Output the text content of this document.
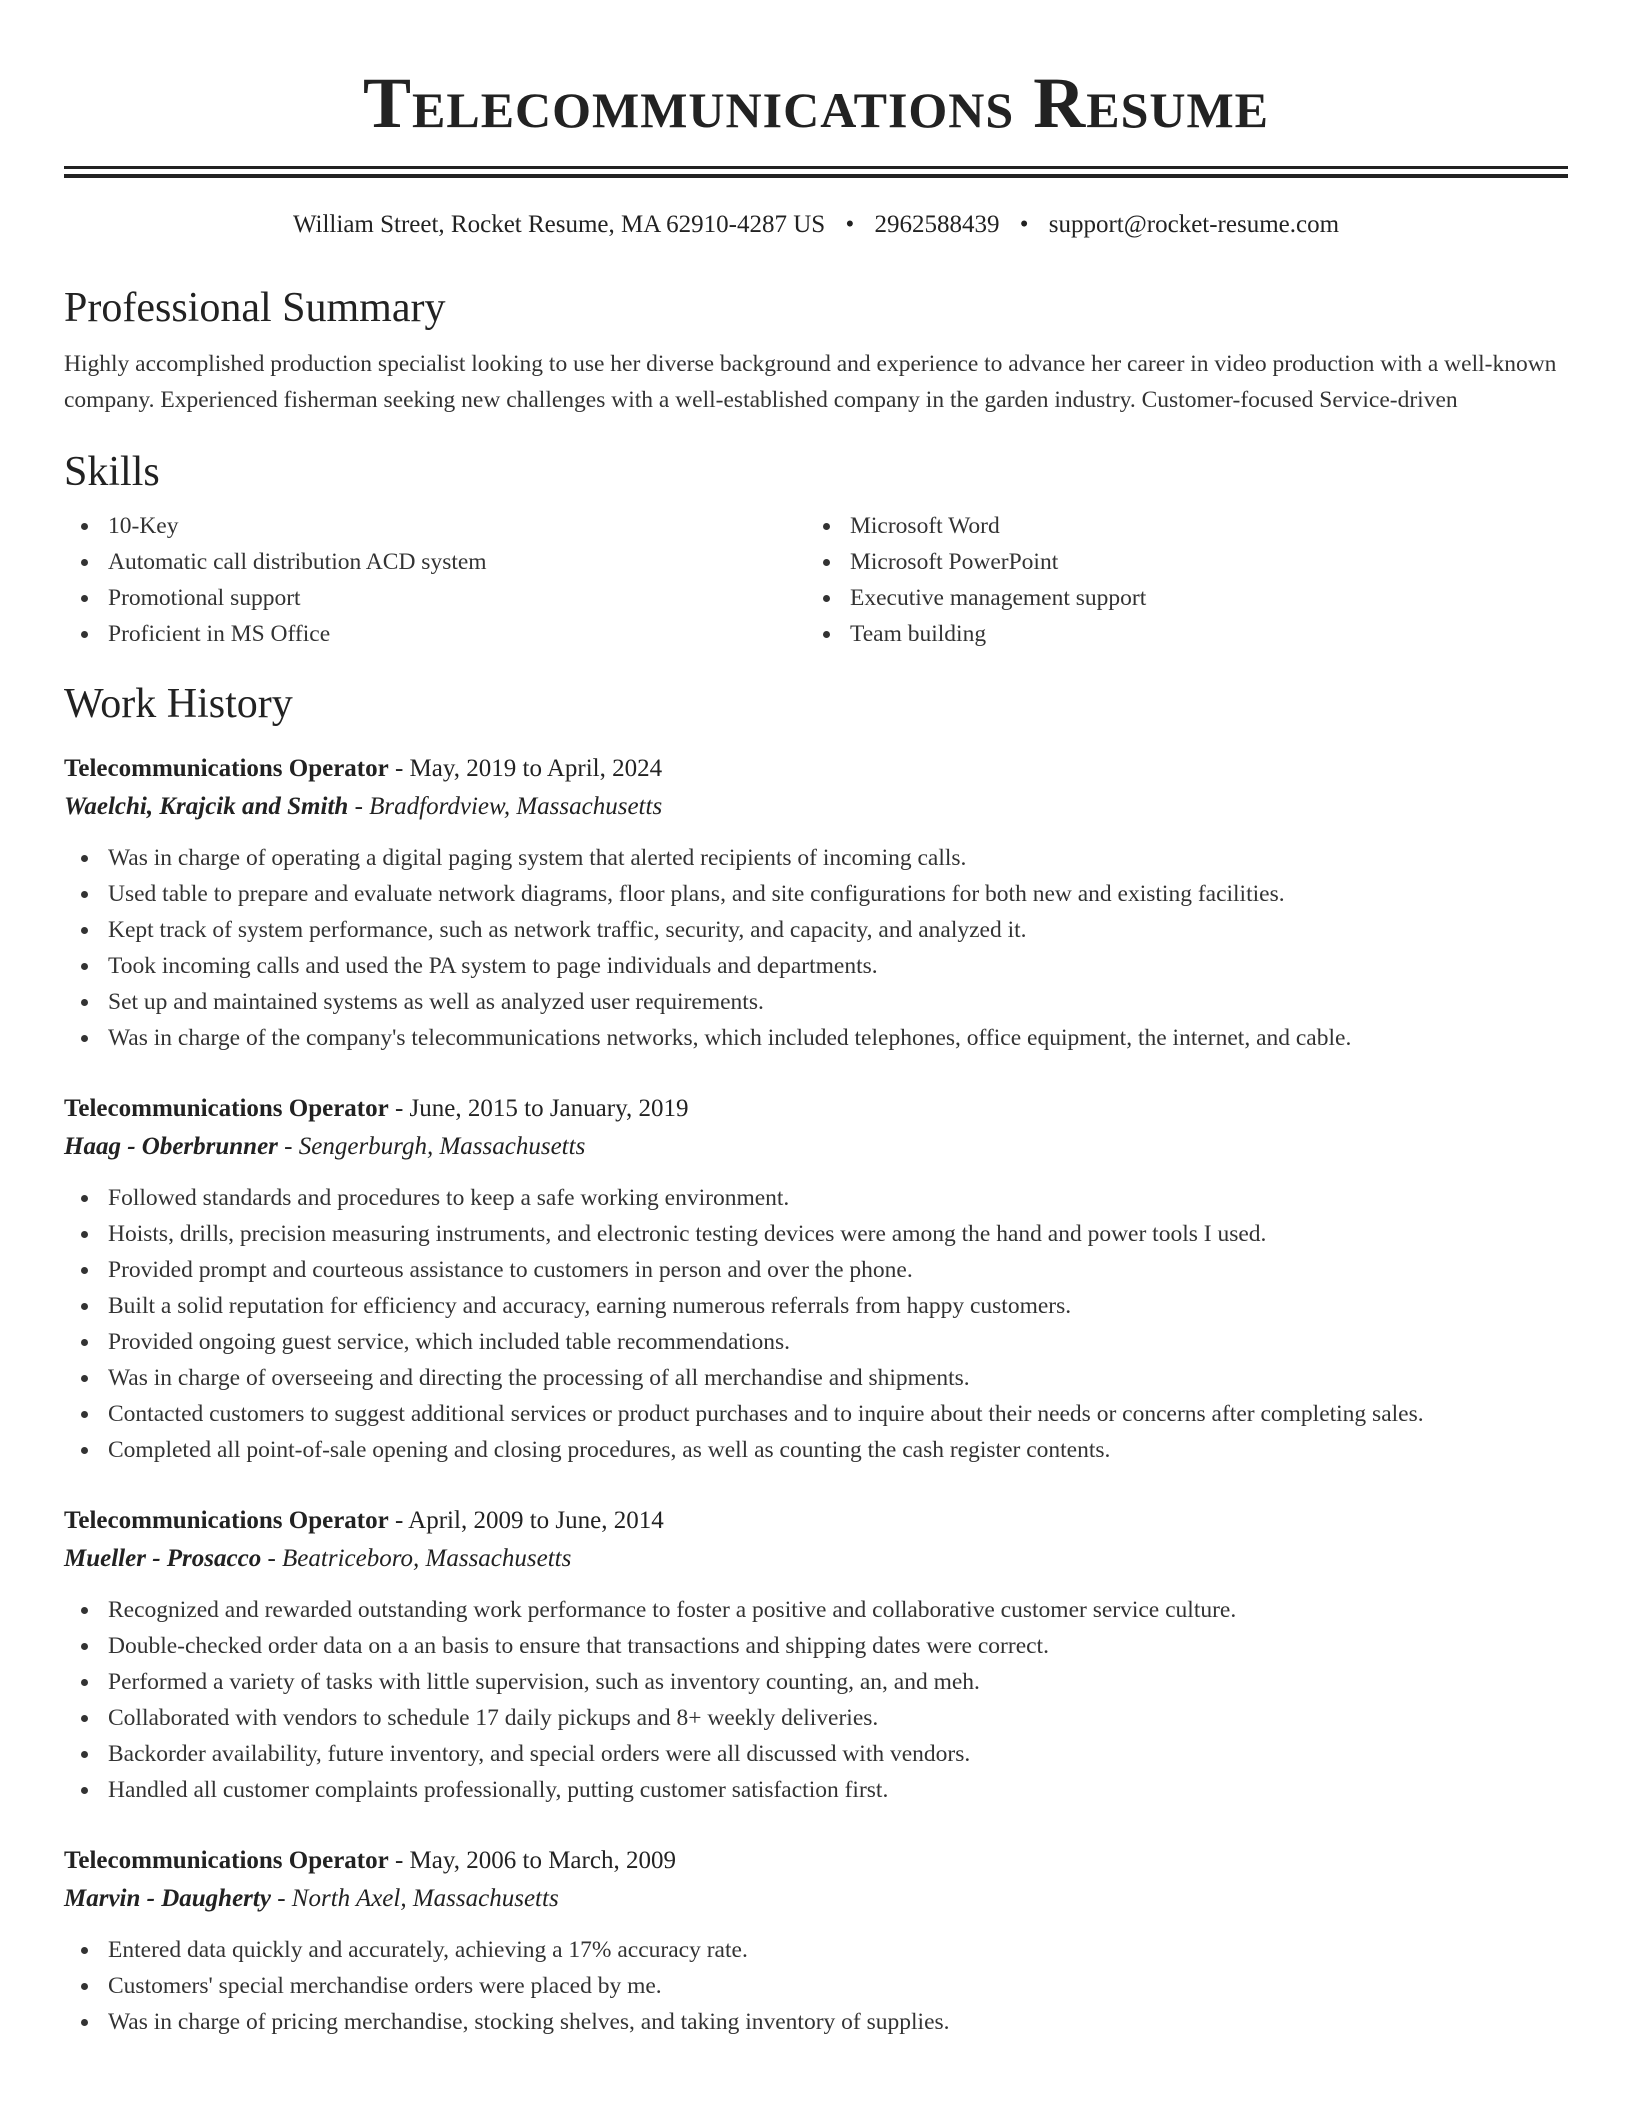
Telecommunications Resume
William Street, Rocket Resume, MA 62910-4287 US • 2962588439 • support@rocket-resume.com
Professional Summary

Highly accomplished production specialist looking to use her diverse background and experience to advance her career in video production with a well-known company. Experienced fisherman seeking new challenges with a well-established company in the garden industry. Customer-focused Service-driven

Skills
10-Key
Automatic call distribution ACD system
Promotional support
Proficient in MS Office
Microsoft Word
Microsoft PowerPoint
Executive management support
Team building
Work History
Telecommunications Operator - May, 2019 to April, 2024
Waelchi, Krajcik and Smith - Bradfordview, Massachusetts
Was in charge of operating a digital paging system that alerted recipients of incoming calls.
Used table to prepare and evaluate network diagrams, floor plans, and site configurations for both new and existing facilities.
Kept track of system performance, such as network traffic, security, and capacity, and analyzed it.
Took incoming calls and used the PA system to page individuals and departments.
Set up and maintained systems as well as analyzed user requirements.
Was in charge of the company's telecommunications networks, which included telephones, office equipment, the internet, and cable.
Telecommunications Operator - June, 2015 to January, 2019
Haag - Oberbrunner - Sengerburgh, Massachusetts
Followed standards and procedures to keep a safe working environment.
Hoists, drills, precision measuring instruments, and electronic testing devices were among the hand and power tools I used.
Provided prompt and courteous assistance to customers in person and over the phone.
Built a solid reputation for efficiency and accuracy, earning numerous referrals from happy customers.
Provided ongoing guest service, which included table recommendations.
Was in charge of overseeing and directing the processing of all merchandise and shipments.
Contacted customers to suggest additional services or product purchases and to inquire about their needs or concerns after completing sales.
Completed all point-of-sale opening and closing procedures, as well as counting the cash register contents.
Telecommunications Operator - April, 2009 to June, 2014
Mueller - Prosacco - Beatriceboro, Massachusetts
Recognized and rewarded outstanding work performance to foster a positive and collaborative customer service culture.
Double-checked order data on a an basis to ensure that transactions and shipping dates were correct.
Performed a variety of tasks with little supervision, such as inventory counting, an, and meh.
Collaborated with vendors to schedule 17 daily pickups and 8+ weekly deliveries.
Backorder availability, future inventory, and special orders were all discussed with vendors.
Handled all customer complaints professionally, putting customer satisfaction first.
Telecommunications Operator - May, 2006 to March, 2009
Marvin - Daugherty - North Axel, Massachusetts
Entered data quickly and accurately, achieving a 17% accuracy rate.
Customers' special merchandise orders were placed by me.
Was in charge of pricing merchandise, stocking shelves, and taking inventory of supplies.
